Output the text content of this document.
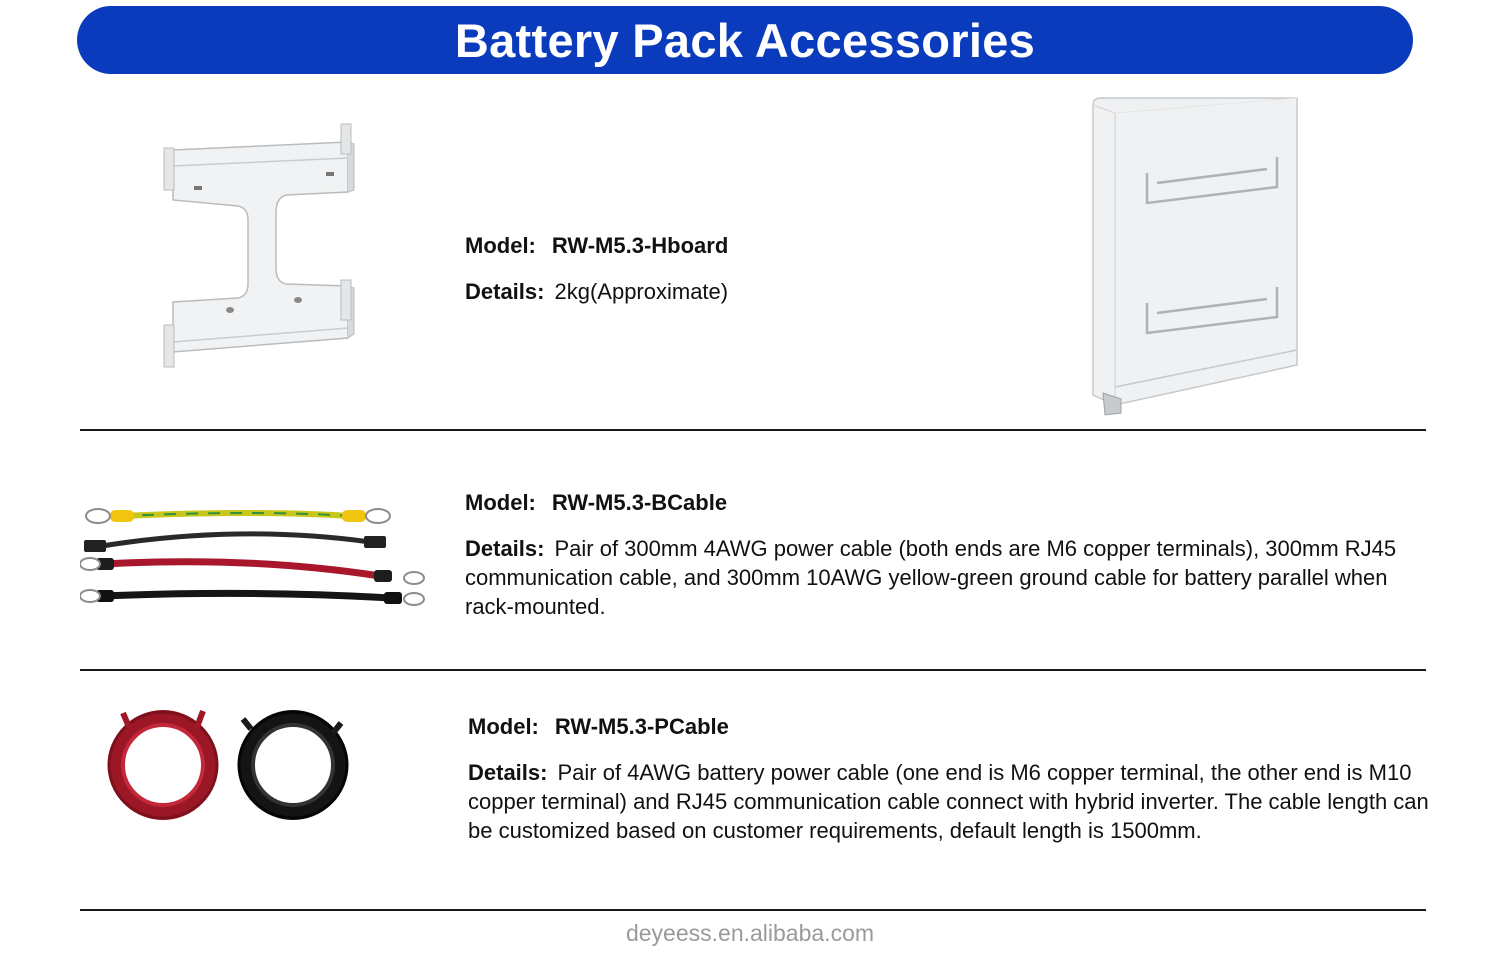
Battery Pack Accessories

Model: RW-M5.3-Hboard

Details: 2kg(Approximate)

Model: RW-M5.3-BCable

Details: Pair of 300mm 4AWG power cable (both ends are M6 copper terminals), 300mm RJ45 communication cable, and 300mm 10AWG yellow-green ground cable for battery parallel when rack-mounted.

Model: RW-M5.3-PCable

Details: Pair of 4AWG battery power cable (one end is M6 copper terminal, the other end is M10 copper terminal) and RJ45 communication cable connect with hybrid inverter. The cable length can be customized based on customer requirements, default length is 1500mm.

deyeess.en.alibaba.com
